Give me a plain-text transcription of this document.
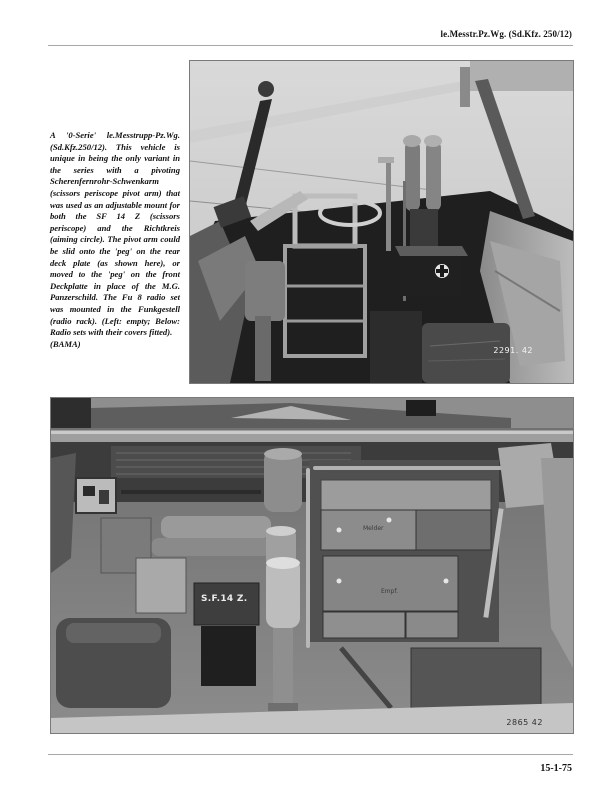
le.Messtr.Pz.Wg. (Sd.Kfz. 250/12)
A '0-Serie' le.Messtrupp-Pz.Wg. (Sd.Kfz.250/12). This vehicle is unique in being the only variant in the series with a pivoting Scherenfernrohr-Schwenkarm (scissors periscope pivot arm) that was used as an adjustable mount for both the SF 14 Z (scissors periscope) and the Richtkreis (aiming circle). The pivot arm could be slid onto the 'peg' on the rear deck plate (as shown here), or moved to the 'peg' on the front Deckplatte in place of the M.G. Panzerschild. The Fu 8 radio set was mounted in the Funkgestell (radio rack). (Left: empty; Below: Radio sets with their covers fitted).
(BAMA)
2291. 42
S.F.14 Z.
Melder
Empf.
2865 42
15-1-75
